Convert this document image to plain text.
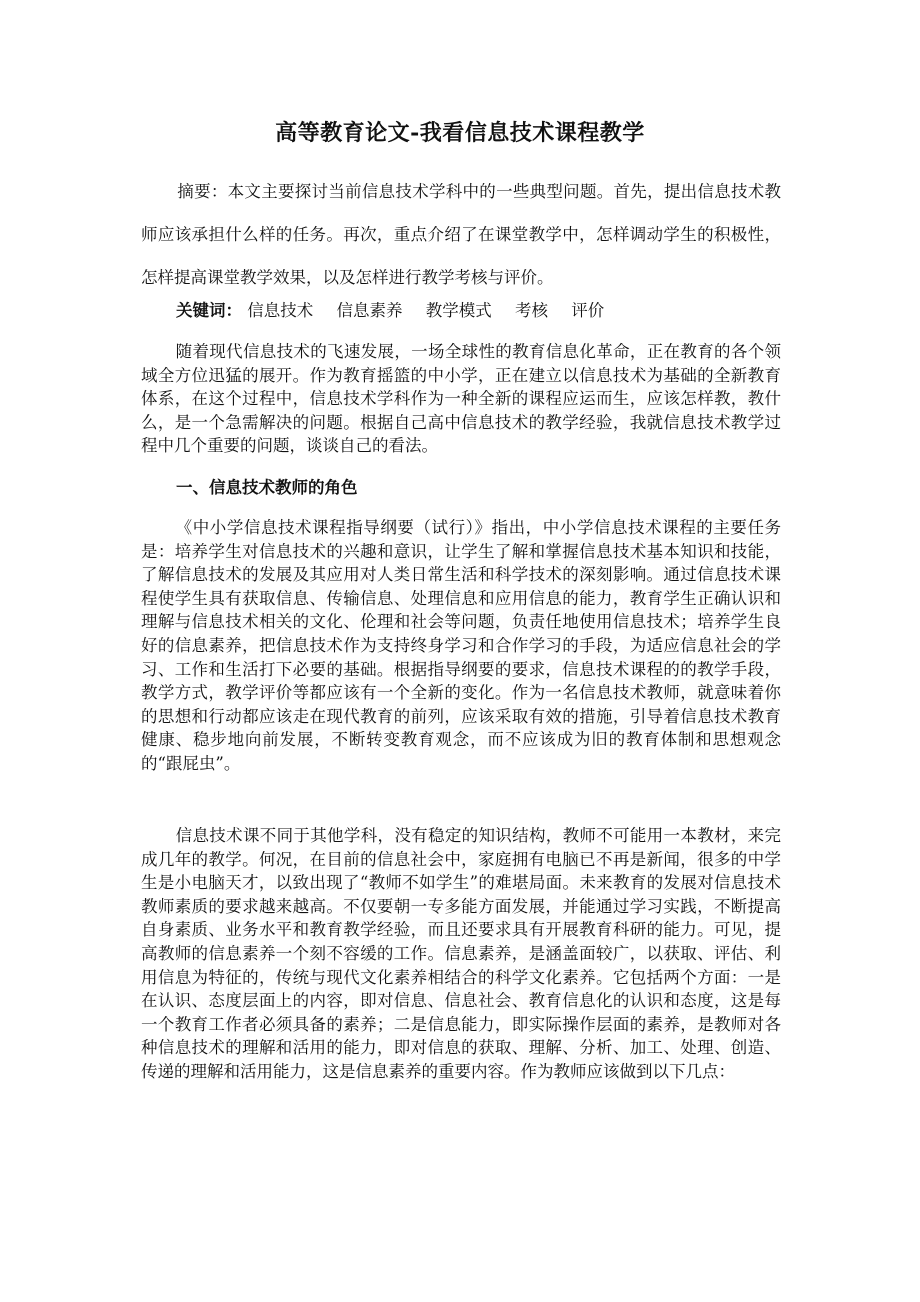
高等教育论文-我看信息技术课程教学
摘要：本文主要探讨当前信息技术学科中的一些典型问题。首先，提出信息技术教师应该承担什么样的任务。再次，重点介绍了在课堂教学中，怎样调动学生的积极性，怎样提高课堂教学效果，以及怎样进行教学考核与评价。
关键词： 信息技术 信息素养 教学模式 考核 评价

随着现代信息技术的飞速发展，一场全球性的教育信息化革命，正在教育的各个领域全方位迅猛的展开。作为教育摇篮的中小学，正在建立以信息技术为基础的全新教育体系，在这个过程中，信息技术学科作为一种全新的课程应运而生，应该怎样教，教什么，是一个急需解决的问题。根据自己高中信息技术的教学经验，我就信息技术教学过程中几个重要的问题，谈谈自己的看法。

一、信息技术教师的角色

《中小学信息技术课程指导纲要（试行）》指出，中小学信息技术课程的主要任务是：培养学生对信息技术的兴趣和意识，让学生了解和掌握信息技术基本知识和技能，了解信息技术的发展及其应用对人类日常生活和科学技术的深刻影响。通过信息技术课程使学生具有获取信息、传输信息、处理信息和应用信息的能力，教育学生正确认识和理解与信息技术相关的文化、伦理和社会等问题，负责任地使用信息技术；培养学生良好的信息素养，把信息技术作为支持终身学习和合作学习的手段，为适应信息社会的学习、工作和生活打下必要的基础。根据指导纲要的要求，信息技术课程的的教学手段，教学方式，教学评价等都应该有一个全新的变化。作为一名信息技术教师，就意味着你的思想和行动都应该走在现代教育的前列，应该采取有效的措施，引导着信息技术教育健康、稳步地向前发展，不断转变教育观念，而不应该成为旧的教育体制和思想观念的“跟屁虫”。

信息技术课不同于其他学科，没有稳定的知识结构，教师不可能用一本教材，来完成几年的教学。何况，在目前的信息社会中，家庭拥有电脑已不再是新闻，很多的中学生是小电脑天才，以致出现了“教师不如学生”的难堪局面。未来教育的发展对信息技术教师素质的要求越来越高。不仅要朝一专多能方面发展，并能通过学习实践，不断提高自身素质、业务水平和教育教学经验，而且还要求具有开展教育科研的能力。可见，提高教师的信息素养一个刻不容缓的工作。信息素养，是涵盖面较广，以获取、评估、利用信息为特征的，传统与现代文化素养相结合的科学文化素养。它包括两个方面：一是在认识、态度层面上的内容，即对信息、信息社会、教育信息化的认识和态度，这是每一个教育工作者必须具备的素养；二是信息能力，即实际操作层面的素养，是教师对各种信息技术的理解和活用的能力，即对信息的获取、理解、分析、加工、处理、创造、传递的理解和活用能力，这是信息素养的重要内容。作为教师应该做到以下几点：
